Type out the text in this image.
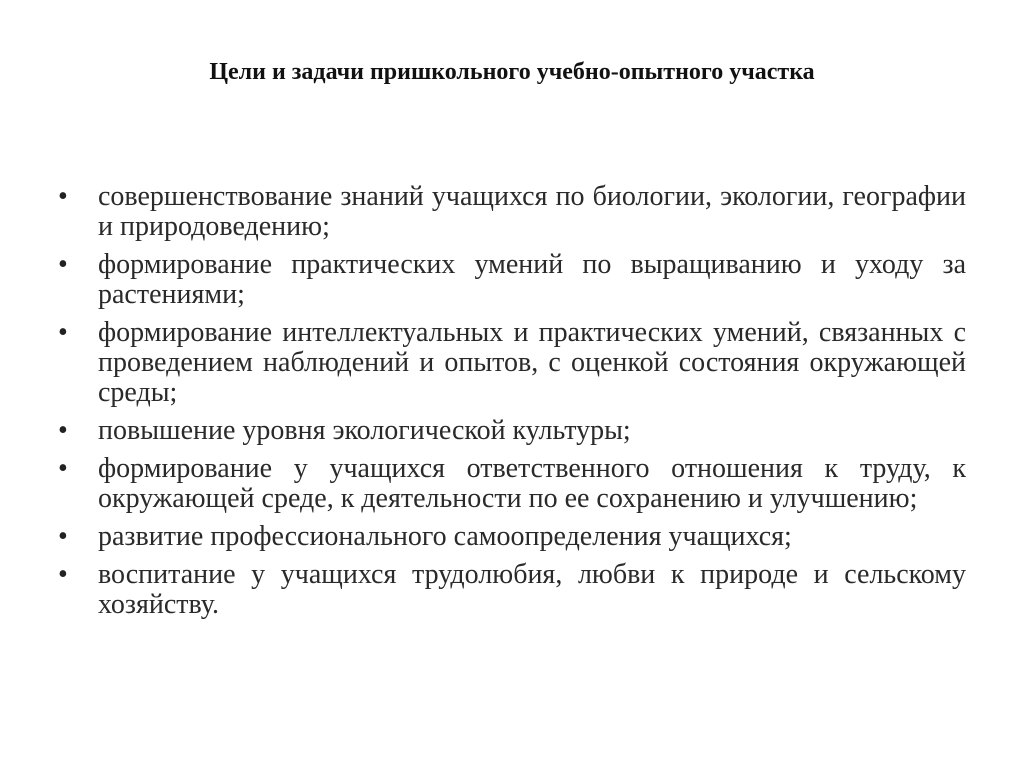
Цели и задачи пришкольного учебно-опытного участка
•	совершенствование знаний учащихся по биологии, экологии, географии и природоведению;
•	формирование практических умений по выращиванию и уходу за растениями;
•	формирование интеллектуальных и практических умений, связанных с проведением наблюдений и опытов, с оценкой состояния окружающей среды;
•	повышение уровня экологической культуры;
•	формирование у учащихся ответственного отношения к труду, к окружающей среде, к деятельности по ее сохранению и улучшению;
•	развитие профессионального самоопределения учащихся;
•	воспитание у учащихся трудолюбия, любви к природе и сельскому хозяйству.
